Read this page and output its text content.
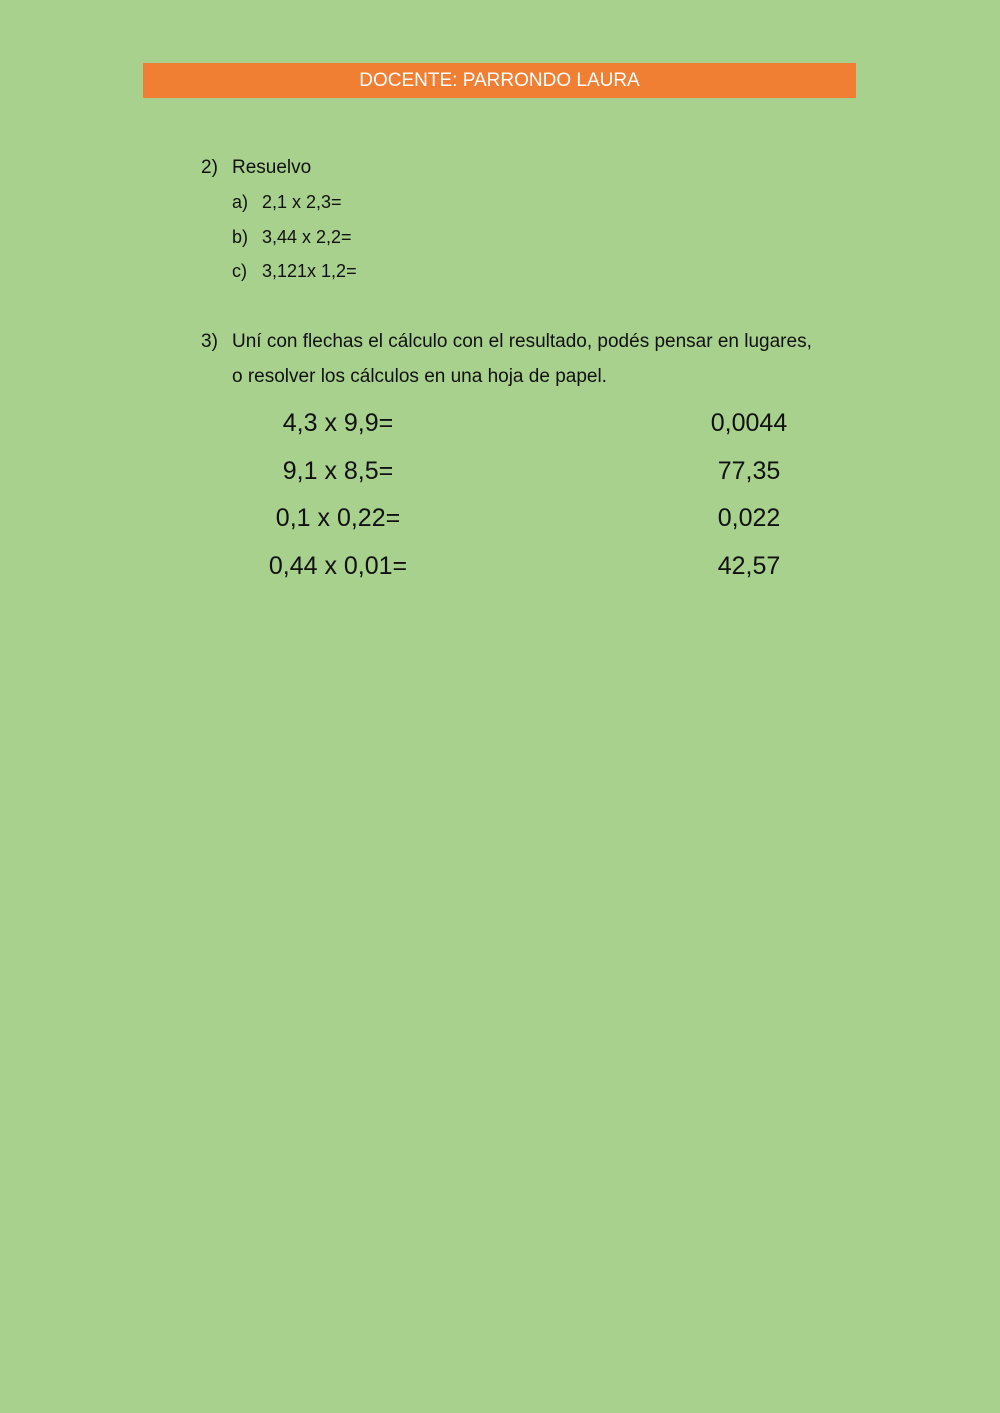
DOCENTE: PARRONDO LAURA
2) Resuelvo
a) 2,1 x 2,3=
b) 3,44 x 2,2=
c) 3,121x 1,2=
3) Uní con flechas el cálculo con el resultado, podés pensar en lugares,
o resolver los cálculos en una hoja de papel.
4,3 x 9,9=	0,0044
9,1 x 8,5=	77,35
0,1 x 0,22=	0,022
0,44 x 0,01=	42,57
